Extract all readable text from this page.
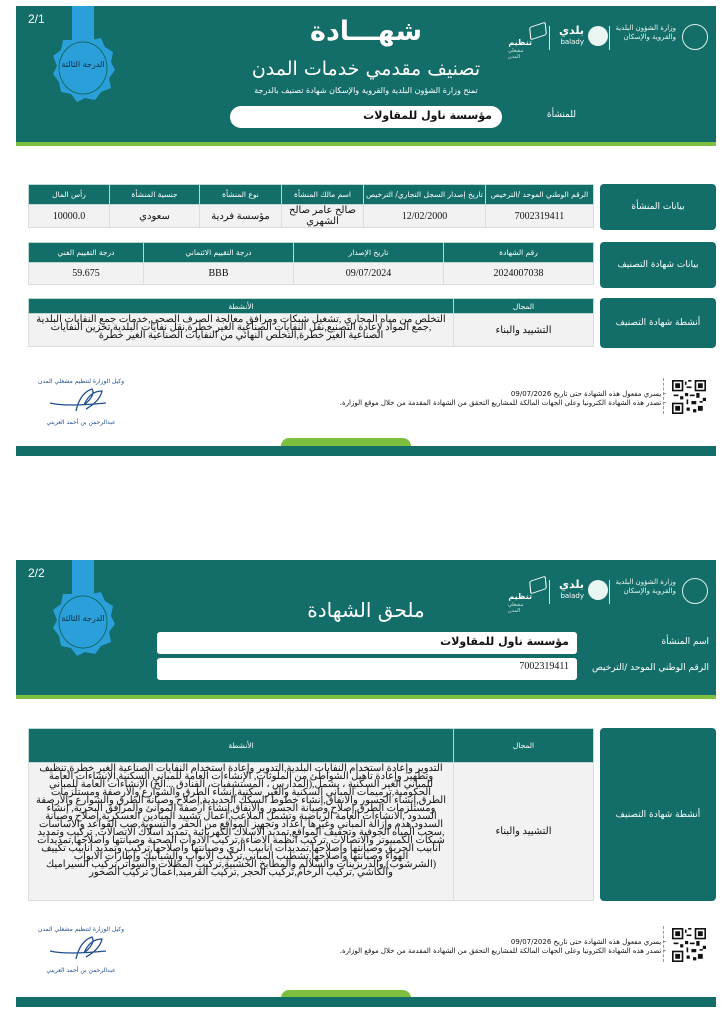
2/1
الدرجة الثالثة
وزارة الشؤون البلدية والقروية والإسكان
بلدي
balady
تنظيم
مشغلي المدن
شهـــادة
تصنيف مقدمي خدمات المدن
تمنح وزارة الشؤون البلدية والقروية والإسكان شهادة تصنيف بالدرجة
للمنشأة
مؤسسة ناول للمقاولات
بيانات المنشأة
الرقم الوطني الموحد /الترخيص	تاريخ إصدار السجل التجاري/ الترخيص	اسم مالك المنشأة	نوع المنشأة	جنسية المنشأة	رأس المال
7002319411	12/02/2000	صالح عامر صالح الشهري	مؤسسة فردية	سعودي	10000.0
بيانات شهادة التصنيف
رقم الشهادة	تاريخ الإصدار	درجة التقييم الائتماني	درجة التقييم الفني
2024007038	09/07/2024	BBB	59.675
أنشطة شهادة التصنيف
المجال	الأنشطة
التشييد والبناء	التخلص من مياه المجاري ,تشغيل شبكات ومرافق معالجة الصرف الصحي,خدمات جمع النفايات البلدية ,جمع المواد لإعادة التصنيع,نقل النفايات الصناعية الغير خطرة,نقل نفايات البلدية,تخزين النفايات الصناعية الغير خطرة,التخلص النهائي من النفايات الصناعية الغير خطرة
- يسري مفعول هذه الشهادة حتى تاريخ 09/07/2026
- تصدر هذه الشهادة الكترونيا وعلى الجهات المالكة للمشاريع التحقق من الشهادة المقدمة من خلال موقع الوزارة.
وكيل الوزارة لتنظيم مشغلي المدن
عبدالرحمن بن أحمد العريني
2/2
الدرجة الثالثة
وزارة الشؤون البلدية والقروية والإسكان
بلدي
balady
تنظيم
مشغلي المدن
ملحق الشهادة
مؤسسة ناول للمقاولات	اسم المنشأة
7002319411	الرقم الوطني الموحد /الترخيص
أنشطة شهادة التصنيف
المجال	الأنشطة
التشييد والبناء	التدوير وإعادة استخدام النفايات البلدية,التدوير وإعادة استخدام النفايات الصناعية الغير خطرة,تنظيف وتطهير وإعادة تأهيل الشواطئ من الملوثات, الإنشاءات العامة للمباني السكنية,الإنشاءات العامة للمباني الغير السكنية ، يشمل,(المدارس ، المستشفيات، الفنادق ...الخ) الإنشاءات العامة للمباني الحكومية,ترميمات المباني السكنية والغير سكنية,إنشاء الطرق والشوارع والأرصفة ومستلزمات الطرق,إنشاء الجسور والانفاق,إنشاء خطوط السكك الحديدية,إصلاح وصيانة الطرق والشوارع والأرصفة ومستلزمات الطرق,إصلاح وصيانة الجسور والأنفاق,إنشاء أرصفة الموانئ والمرافق البحرية, إنشاء السدود ,الانشاءات العامة الرياضية وتشمل الملاعب,أعمال تشييد الميادين العسكرية,إصلاح وصيانة السدود,هدم وإزالة المباني وغيرها ,اعداد وتجهيز المواقع من الحفر والتسوية,صب القواعد والاساسات ,سحب المياه الجوفية وتجفيف المواقع,تمديد الاسلاك الكهربائية ,تمديد اسلاك الاتصالات, تركيب وتمديد شبكات الكمبيوتر والاتصالات ,تركيب انظمة الاضاءة,تركيب الادوات الصحية وصيانتها واصلاحها,تمديدات انابيب الحريق وصيانتها واصلاحها,تمديدات انابيب الري وصيانتها واصلاحها,تركيب وتمديد انابيب تكييف الهواء وصيانتها واصلاحها,تشطيب المباني,تركيب الابواب والشبابيك وإطارات الابواب (الشرشوب),والدربزينات والسلالم والمطابخ الخشبية,تركيب المظلات والسواتر,تركيب السيراميك والكاشي ,تركيب الرخام,تركيب الحجر ,تركيب القرميد,أعمال تركيب الصخور
- يسري مفعول هذه الشهادة حتى تاريخ 09/07/2026
- تصدر هذه الشهادة الكترونيا وعلى الجهات المالكة للمشاريع التحقق من الشهادة المقدمة من خلال موقع الوزارة.
وكيل الوزارة لتنظيم مشغلي المدن
عبدالرحمن بن أحمد العريني
